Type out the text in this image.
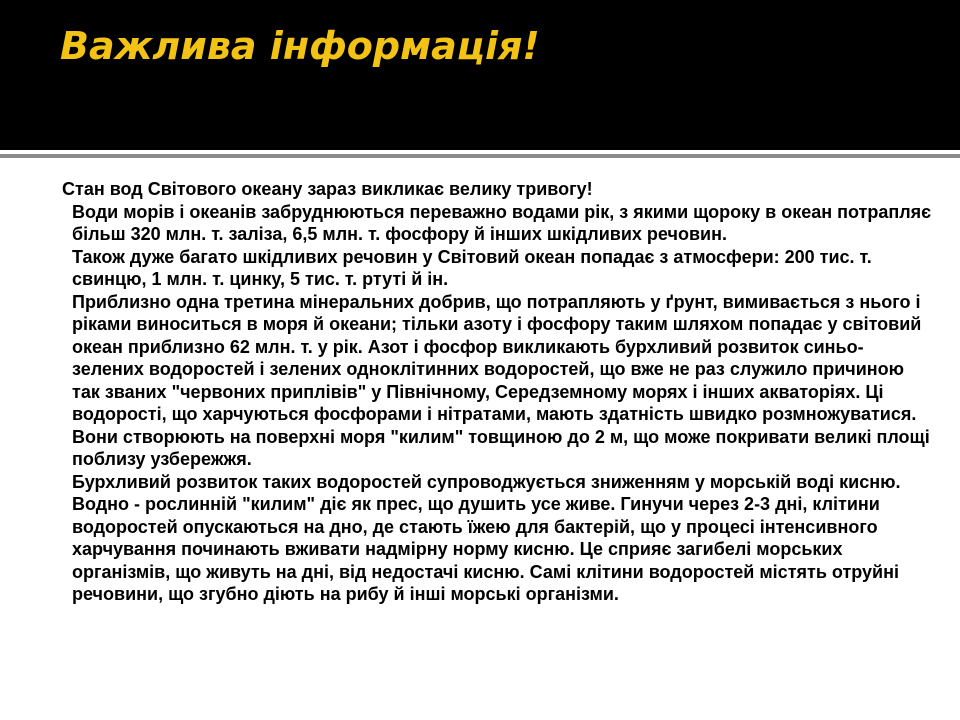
Важлива інформація!

Стан вод Світового океану зараз викликає велику тривогу!

Води морів і океанів забруднюються переважно водами рік, з якими щороку в океан потрапляє більш 320 млн. т. заліза, 6,5 млн. т. фосфору й інших шкідливих речовин.

Також дуже багато шкідливих речовин у Світовий океан попадає з атмосфери: 200 тис. т. свинцю, 1 млн. т. цинку, 5 тис. т. ртуті й ін.

Приблизно одна третина мінеральних добрив, що потрапляють у ґрунт, вимивається з нього і ріками виноситься в моря й океани; тільки азоту і фосфору таким шляхом попадає у світовий океан приблизно 62 млн. т. у рік. Азот і фосфор викликають бурхливий розвиток синьо-зелених водоростей і зелених одноклітинних водоростей, що вже не раз служило причиною так званих "червоних приплівів" у Північному, Середземному морях і інших акваторіях. Ці водорості, що харчуються фосфорами і нітратами, мають здатність швидко розмножуватися. Вони створюють на поверхні моря "килим" товщиною до 2 м, що може покривати великі площі поблизу узбережжя.

Бурхливий розвиток таких водоростей супроводжується зниженням у морській воді кисню. Водно - рослинній "килим" діє як прес, що душить усе живе. Гинучи через 2-3 дні, клітини водоростей опускаються на дно, де стають їжею для бактерій, що у процесі інтенсивного харчування починають вживати надмірну норму кисню. Це сприяє загибелі морських організмів, що живуть на дні, від недостачі кисню. Самі клітини водоростей містять отруйні речовини, що згубно діють на рибу й інші морські організми.
